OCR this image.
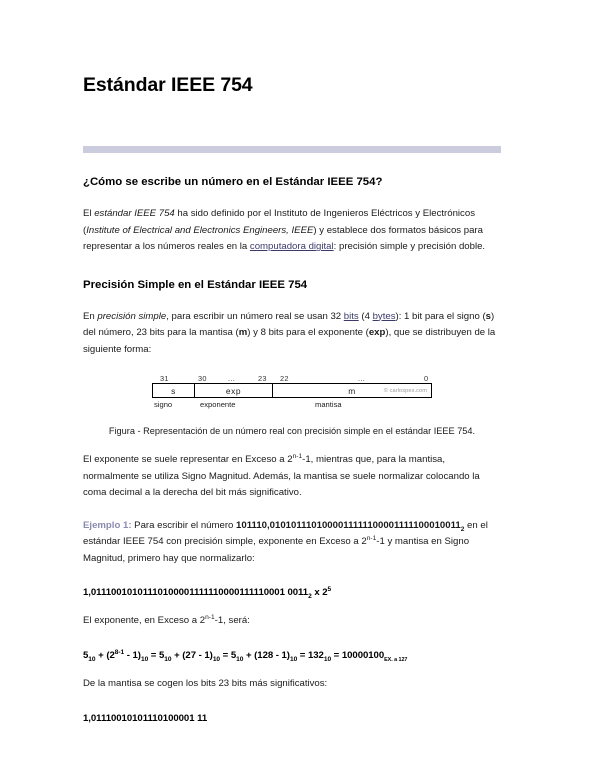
Estándar IEEE 754
¿Cómo se escribe un número en el Estándar IEEE 754?

El estándar IEEE 754 ha sido definido por el Instituto de Ingenieros Eléctricos y Electrónicos (Institute of Electrical and Electronics Engineers, IEEE) y establece dos formatos básicos para representar a los números reales en la computadora digital: precisión simple y precisión doble.

Precisión Simple en el Estándar IEEE 754

En precisión simple, para escribir un número real se usan 32 bits (4 bytes): 1 bit para el signo (s) del número, 23 bits para la mantisa (m) y 8 bits para el exponente (exp), que se distribuyen de la siguiente forma:

31	30	...	23 22	...	0
s	exp	m	© carlospes.com
signo	exponente	mantisa

Figura - Representación de un número real con precisión simple en el estándar IEEE 754.

El exponente se suele representar en Exceso a 2$^{n-1}$-1, mientras que, para la mantisa, normalmente se utiliza Signo Magnitud. Además, la mantisa se suele normalizar colocando la coma decimal a la derecha del bit más significativo.

Ejemplo 1: Para escribir el número $101110,0101011101000011111100001111100010011_2$ en el estándar IEEE 754 con precisión simple, exponente en Exceso a 2$^{n-1}$-1 y mantisa en Signo Magnitud, primero hay que normalizarlo:

1,01110010101110100001111110000111110001 $0011_2$ x $2^5$

El exponente, en Exceso a 2$^{n-1}$-1, será:

$5_{10} + (2^{8-1} - 1)_{10} = 5_{10} + (27 - 1)_{10} = 5_{10} + (128 - 1)_{10} = 132_{10} = 10000100_{EX. a 127}$

De la mantisa se cogen los bits 23 bits más significativos:

1,01110010101110100001 11
